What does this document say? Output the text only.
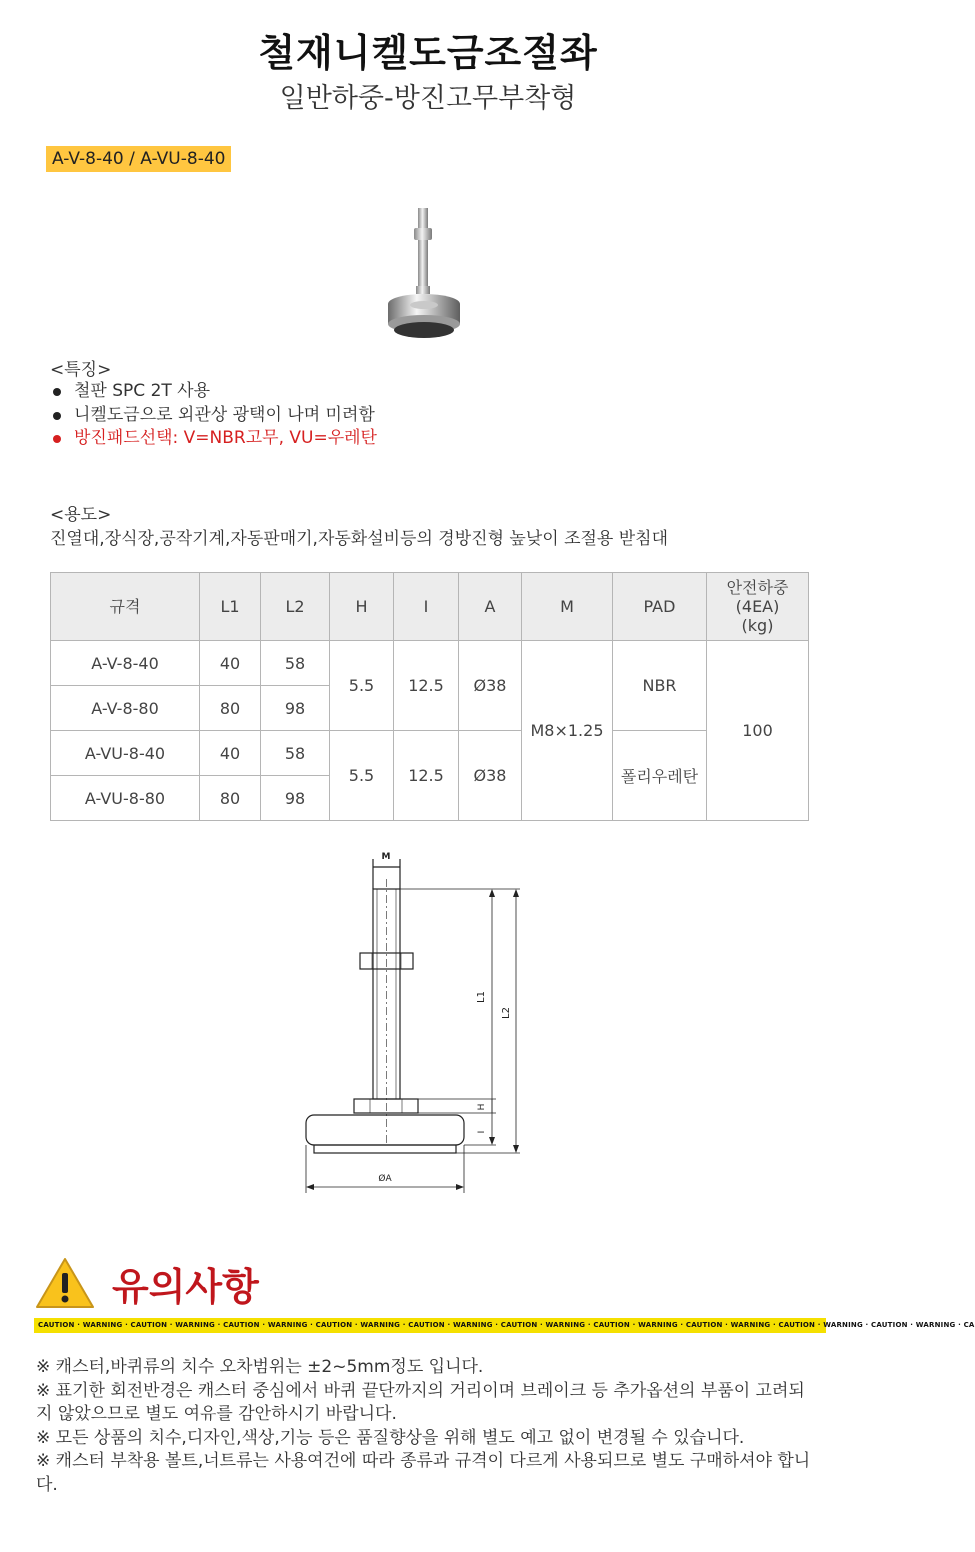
철재니켈도금조절좌
일반하중-방진고무부착형
A-V-8-40 / A-VU-8-40
<특징>
철판 SPC 2T 사용
니켈도금으로 외관상 광택이 나며 미려함
방진패드선택: V=NBR고무, VU=우레탄
<용도>
진열대,장식장,공작기계,자동판매기,자동화설비등의 경방진형 높낮이 조절용 받침대
규격	L1	L2	H	I	A	M	PAD	안전하중
(4EA)
(kg)
A-V-8-40	40	58	5.5	12.5	Ø38	M8×1.25	NBR	100
A-V-8-80	80	98						
A-VU-8-40	40	58	5.5	12.5	Ø38		폴리우레탄	
A-VU-8-80	80	98						
M
L1
L2
H
I
ØA
유의사항
CAUTION · WARNING · CAUTION · WARNING · CAUTION · WARNING · CAUTION · WARNING · CAUTION · WARNING · CAUTION · WARNING · CAUTION · WARNING · CAUTION · WARNING · CAUTION · WARNING · CAUTION · WARNING · CA

※ 캐스터,바퀴류의 치수 오차범위는 ±2~5mm정도 입니다.

※ 표기한 회전반경은 캐스터 중심에서 바퀴 끝단까지의 거리이며 브레이크 등 추가옵션의 부품이 고려되지 않았으므로 별도 여유를 감안하시기 바랍니다.

※ 모든 상품의 치수,디자인,색상,기능 등은 품질향상을 위해 별도 예고 없이 변경될 수 있습니다.

※ 캐스터 부착용 볼트,너트류는 사용여건에 따라 종류과 규격이 다르게 사용되므로 별도 구매하셔야 합니다.
